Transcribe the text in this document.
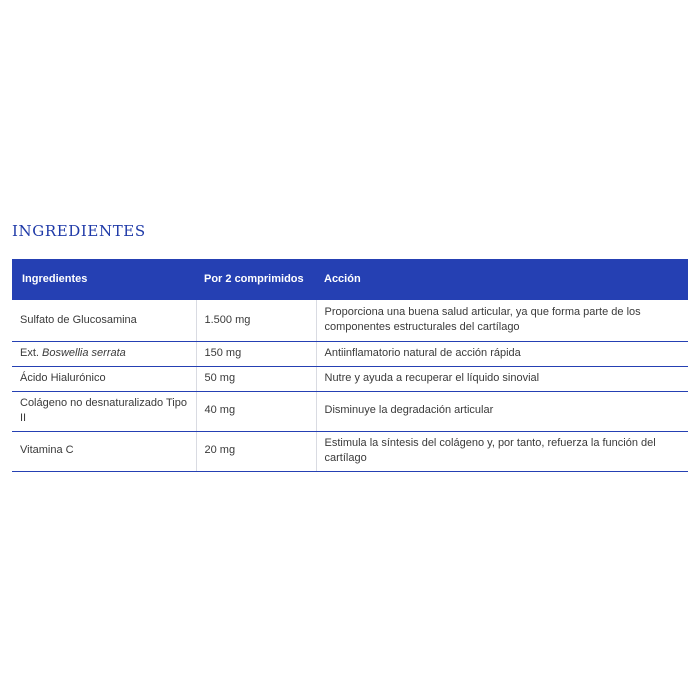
INGREDIENTES
Ingredientes	Por 2 comprimidos	Acción
Sulfato de Glucosamina	1.500 mg	Proporciona una buena salud articular, ya que forma parte de los componentes estructurales del cartílago
Ext. Boswellia serrata	150 mg	Antiinflamatorio natural de acción rápida
Ácido Hialurónico	50 mg	Nutre y ayuda a recuperar el líquido sinovial
Colágeno no desnaturalizado Tipo II	40 mg	Disminuye la degradación articular
Vitamina C	20 mg	Estimula la síntesis del colágeno y, por tanto, refuerza la función del cartílago
